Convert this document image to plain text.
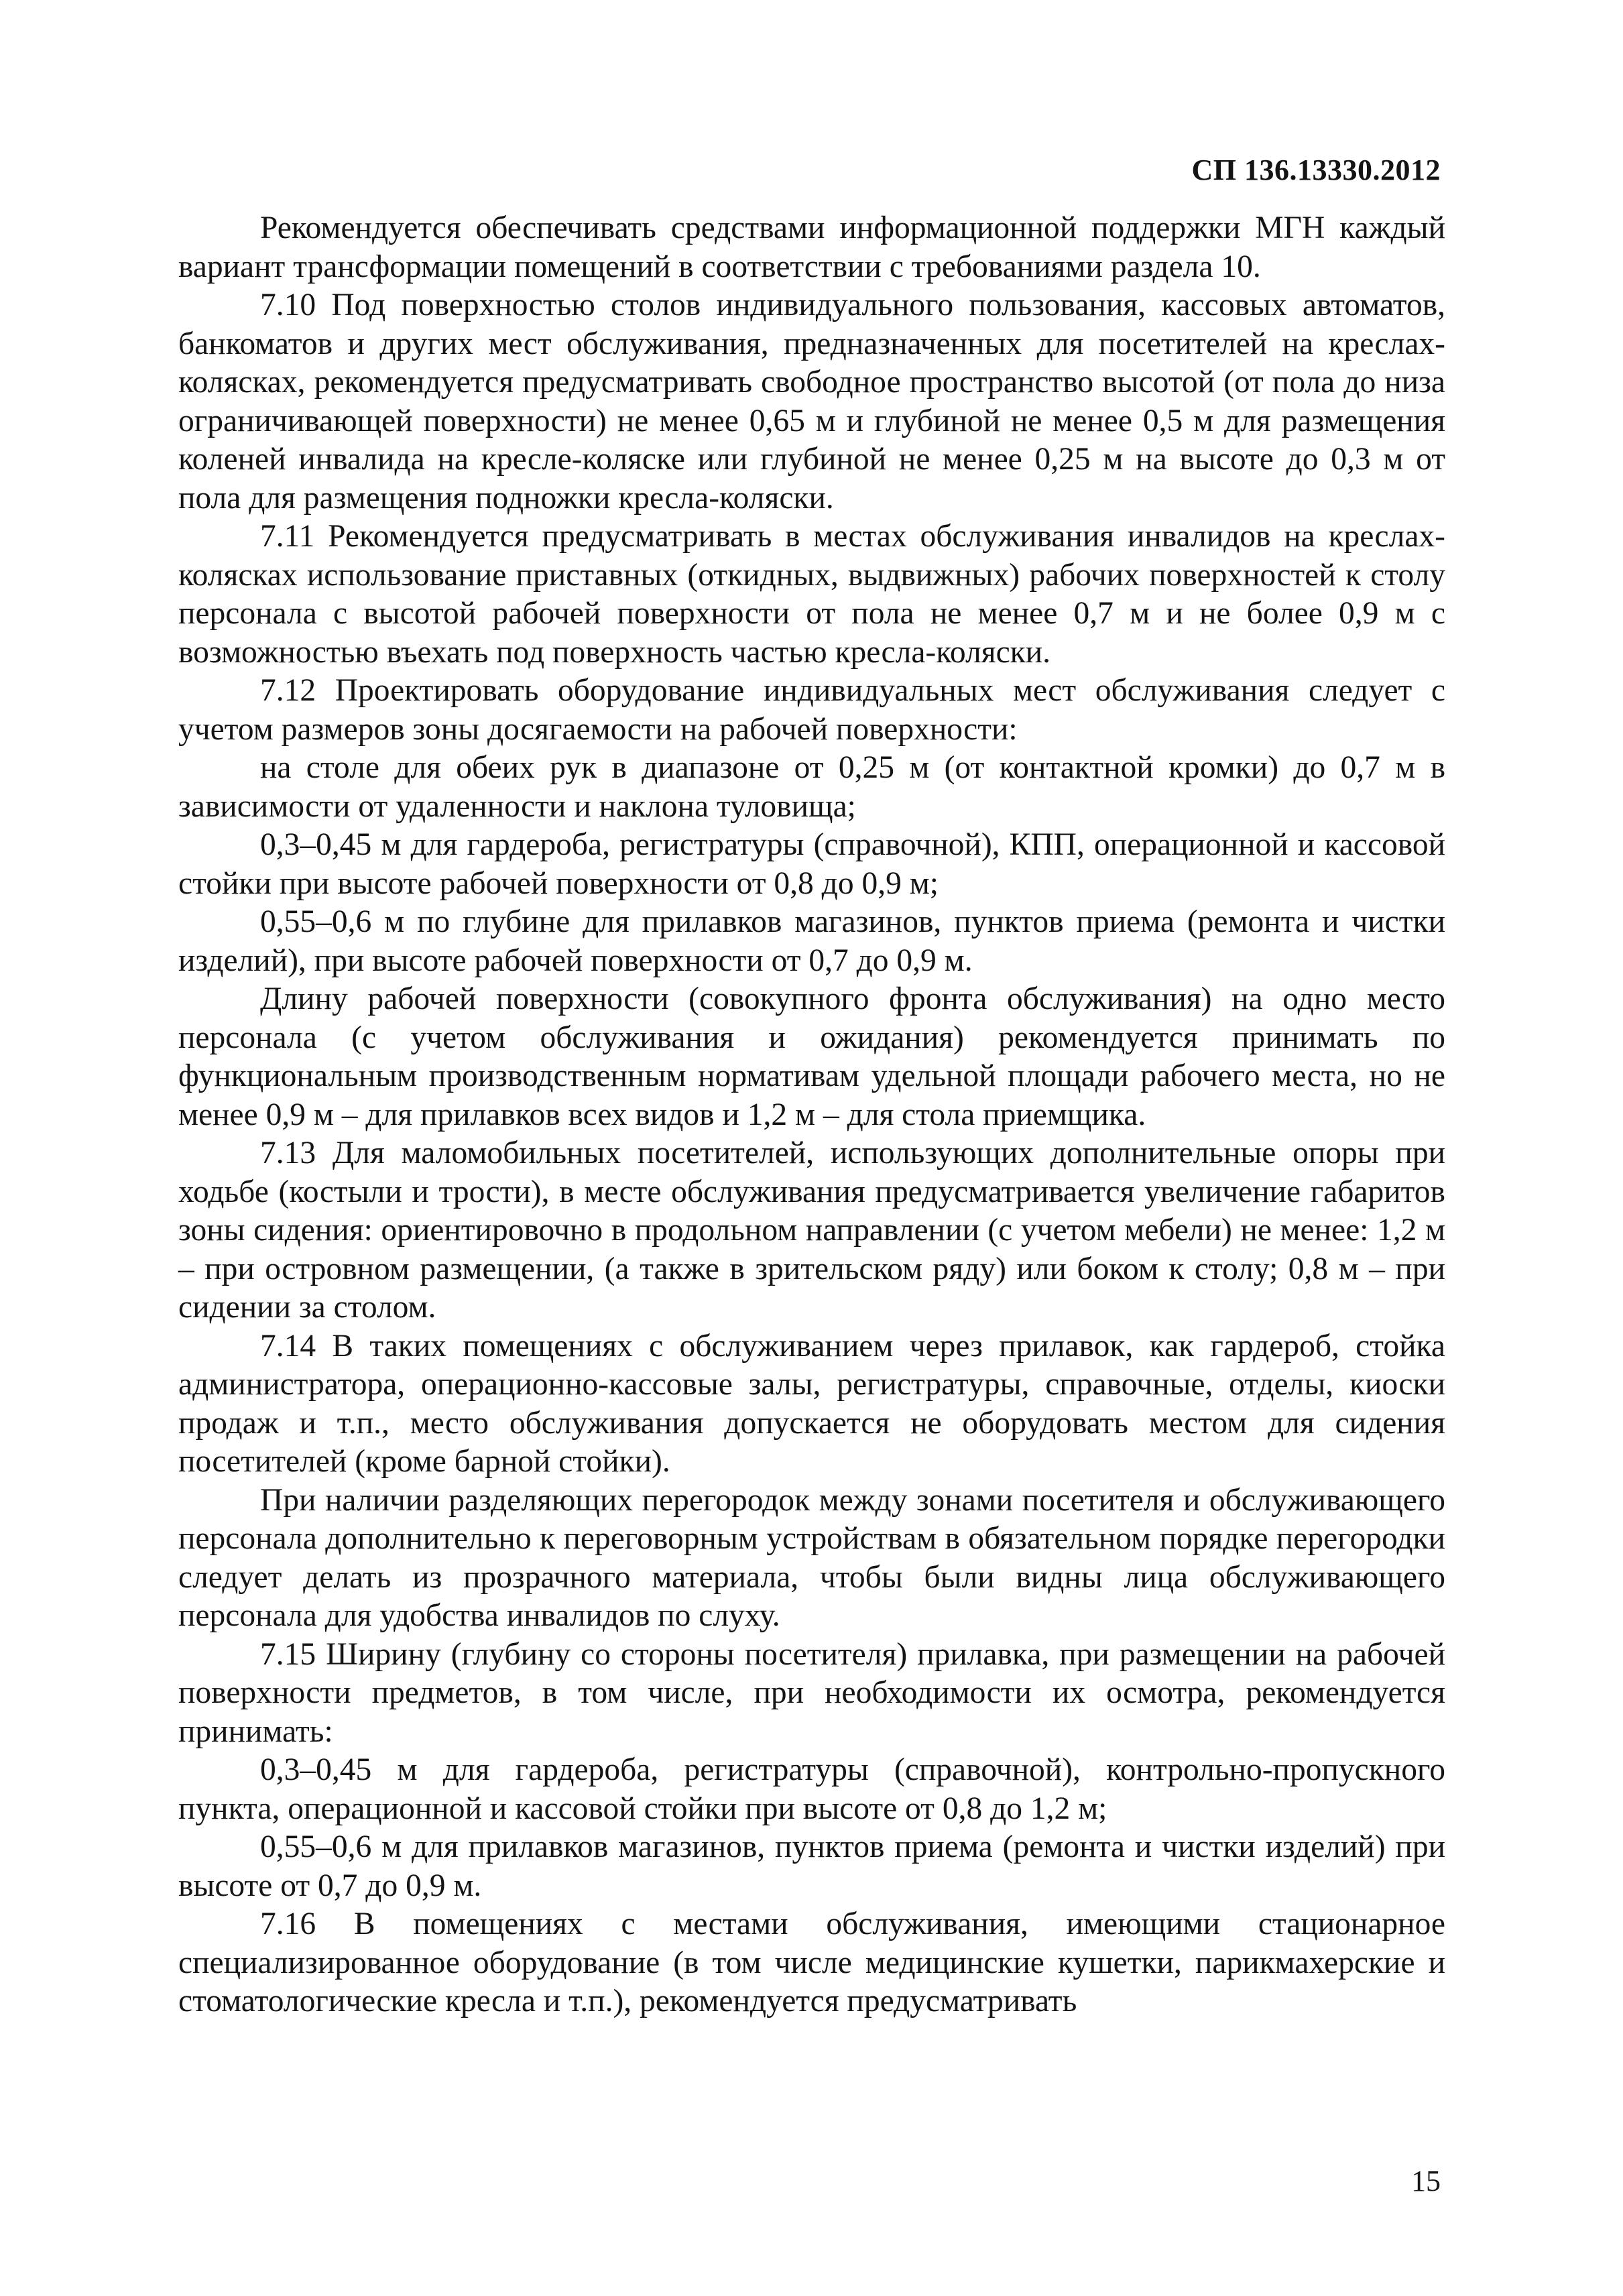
СП 136.13330.2012

Рекомендуется обеспечивать средствами информационной поддержки МГН каждый вариант трансформации помещений в соответствии с требованиями раздела 10.

7.10 Под поверхностью столов индивидуального пользования, кассовых автоматов, банкоматов и других мест обслуживания, предназначенных для посетителей на креслах-колясках, рекомендуется предусматривать свободное пространство высотой (от пола до низа ограничивающей поверхности) не менее 0,65 м и глубиной не менее 0,5 м для размещения коленей инвалида на кресле-коляске или глубиной не менее 0,25 м на высоте до 0,3 м от пола для размещения подножки кресла-коляски.

7.11 Рекомендуется предусматривать в местах обслуживания инвалидов на креслах-колясках использование приставных (откидных, выдвижных) рабочих поверхностей к столу персонала с высотой рабочей поверхности от пола не менее 0,7 м и не более 0,9 м с возможностью въехать под поверхность частью кресла-коляски.

7.12 Проектировать оборудование индивидуальных мест обслуживания следует с учетом размеров зоны досягаемости на рабочей поверхности:

на столе для обеих рук в диапазоне от 0,25 м (от контактной кромки) до 0,7 м в зависимости от удаленности и наклона туловища;

0,3–0,45 м для гардероба, регистратуры (справочной), КПП, операционной и кассовой стойки при высоте рабочей поверхности от 0,8 до 0,9 м;

0,55–0,6 м по глубине для прилавков магазинов, пунктов приема (ремонта и чистки изделий), при высоте рабочей поверхности от 0,7 до 0,9 м.

Длину рабочей поверхности (совокупного фронта обслуживания) на одно место персонала (с учетом обслуживания и ожидания) рекомендуется принимать по функциональным производственным нормативам удельной площади рабочего места, но не менее 0,9 м – для прилавков всех видов и 1,2 м – для стола приемщика.

7.13 Для маломобильных посетителей, использующих дополнительные опоры при ходьбе (костыли и трости), в месте обслуживания предусматривается увеличение габаритов зоны сидения: ориентировочно в продольном направлении (с учетом мебели) не менее: 1,2 м – при островном размещении, (а также в зрительском ряду) или боком к столу; 0,8 м – при сидении за столом.

7.14 В таких помещениях с обслуживанием через прилавок, как гардероб, стойка администратора, операционно-кассовые залы, регистратуры, справочные, отделы, киоски продаж и т.п., место обслуживания допускается не оборудовать местом для сидения посетителей (кроме барной стойки).

При наличии разделяющих перегородок между зонами посетителя и обслуживающего персонала дополнительно к переговорным устройствам в обязательном порядке перегородки следует делать из прозрачного материала, чтобы были видны лица обслуживающего персонала для удобства инвалидов по слуху.

7.15 Ширину (глубину со стороны посетителя) прилавка, при размещении на рабочей поверхности предметов, в том числе, при необходимости их осмотра, рекомендуется принимать:

0,3–0,45 м для гардероба, регистратуры (справочной), контрольно-пропускного пункта, операционной и кассовой стойки при высоте от 0,8 до 1,2 м;

0,55–0,6 м для прилавков магазинов, пунктов приема (ремонта и чистки изделий) при высоте от 0,7 до 0,9 м.

7.16 В помещениях с местами обслуживания, имеющими стационарное специализированное оборудование (в том числе медицинские кушетки, парикмахерские и стоматологические кресла и т.п.), рекомендуется предусматривать

15
